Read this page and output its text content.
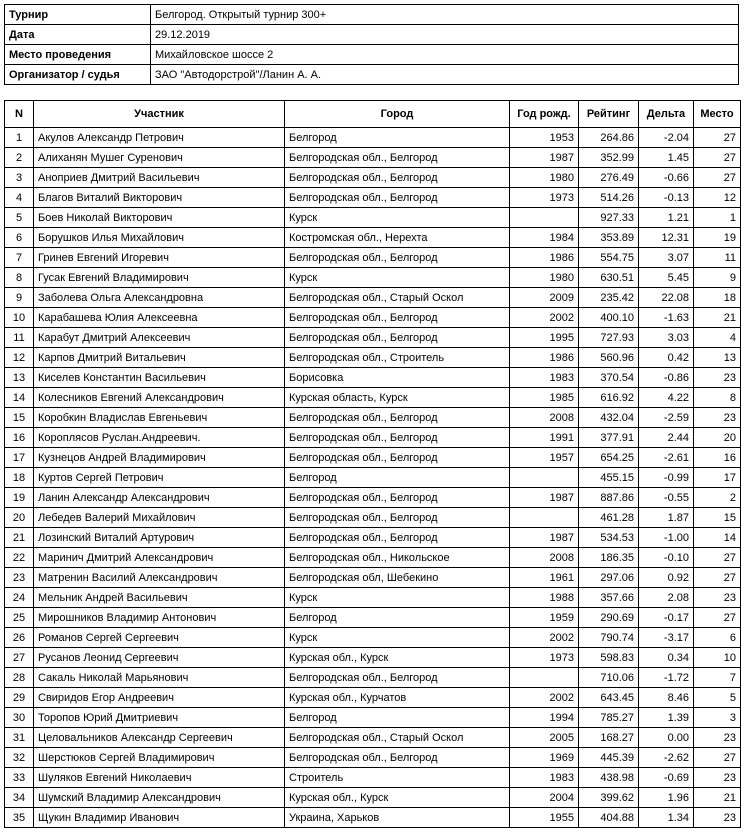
Турнир	Белгород. Открытый турнир 300+
Дата	29.12.2019
Место проведения	Михайловское шоссе 2
Организатор / судья	ЗАО "Автодорстрой"/Ланин А. А.
N	Участник	Город	Год рожд.	Рейтинг	Дельта	Место
1	Акулов Александр Петрович	Белгород	1953	264.86	-2.04	27
2	Алиханян Мушег Суренович	Белгородская обл., Белгород	1987	352.99	1.45	27
3	Аноприев Дмитрий Васильевич	Белгородская обл., Белгород	1980	276.49	-0.66	27
4	Благов Виталий Викторович	Белгородская обл., Белгород	1973	514.26	-0.13	12
5	Боев Николай Викторович	Курск		927.33	1.21	1
6	Борушков Илья Михайлович	Костромская обл., Нерехта	1984	353.89	12.31	19
7	Гринев Евгений Игоревич	Белгородская обл., Белгород	1986	554.75	3.07	11
8	Гусак Евгений Владимирович	Курск	1980	630.51	5.45	9
9	Заболева Ольга Александровна	Белгородская обл., Старый Оскол	2009	235.42	22.08	18
10	Карабашева Юлия Алексеевна	Белгородская обл., Белгород	2002	400.10	-1.63	21
11	Карабут Дмитрий Алексеевич	Белгородская обл., Белгород	1995	727.93	3.03	4
12	Карпов Дмитрий Витальевич	Белгородская обл., Строитель	1986	560.96	0.42	13
13	Киселев Константин Васильевич	Борисовка	1983	370.54	-0.86	23
14	Колесников Евгений Александрович	Курская область, Курск	1985	616.92	4.22	8
15	Коробкин Владислав Евгеньевич	Белгородская обл., Белгород	2008	432.04	-2.59	23
16	Короплясов Руслан.Андреевич.	Белгородская обл., Белгород	1991	377.91	2.44	20
17	Кузнецов Андрей Владимирович	Белгородская обл., Белгород	1957	654.25	-2.61	16
18	Куртов Сергей Петрович	Белгород		455.15	-0.99	17
19	Ланин Александр Александрович	Белгородская обл., Белгород	1987	887.86	-0.55	2
20	Лебедев Валерий Михайлович	Белгородская обл., Белгород		461.28	1.87	15
21	Лозинский Виталий Артурович	Белгородская обл., Белгород	1987	534.53	-1.00	14
22	Маринич Дмитрий Александрович	Белгородская обл., Никольское	2008	186.35	-0.10	27
23	Матренин Василий Александрович	Белгородская обл, Шебекино	1961	297.06	0.92	27
24	Мельник Андрей Васильевич	Курск	1988	357.66	2.08	23
25	Мирошников Владимир Антонович	Белгород	1959	290.69	-0.17	27
26	Романов Сергей Сергеевич	Курск	2002	790.74	-3.17	6
27	Русанов Леонид Сергеевич	Курская обл., Курск	1973	598.83	0.34	10
28	Сакаль Николай Марьянович	Белгородская обл., Белгород		710.06	-1.72	7
29	Свиридов Егор Андреевич	Курская обл., Курчатов	2002	643.45	8.46	5
30	Торопов Юрий Дмитриевич	Белгород	1994	785.27	1.39	3
31	Целовальников Александр Сергеевич	Белгородская обл., Старый Оскол	2005	168.27	0.00	23
32	Шерстюков Сергей Владимирович	Белгородская обл., Белгород	1969	445.39	-2.62	27
33	Шуляков Евгений Николаевич	Строитель	1983	438.98	-0.69	23
34	Шумский Владимир Александрович	Курская обл., Курск	2004	399.62	1.96	21
35	Щукин Владимир Иванович	Украина, Харьков	1955	404.88	1.34	23
